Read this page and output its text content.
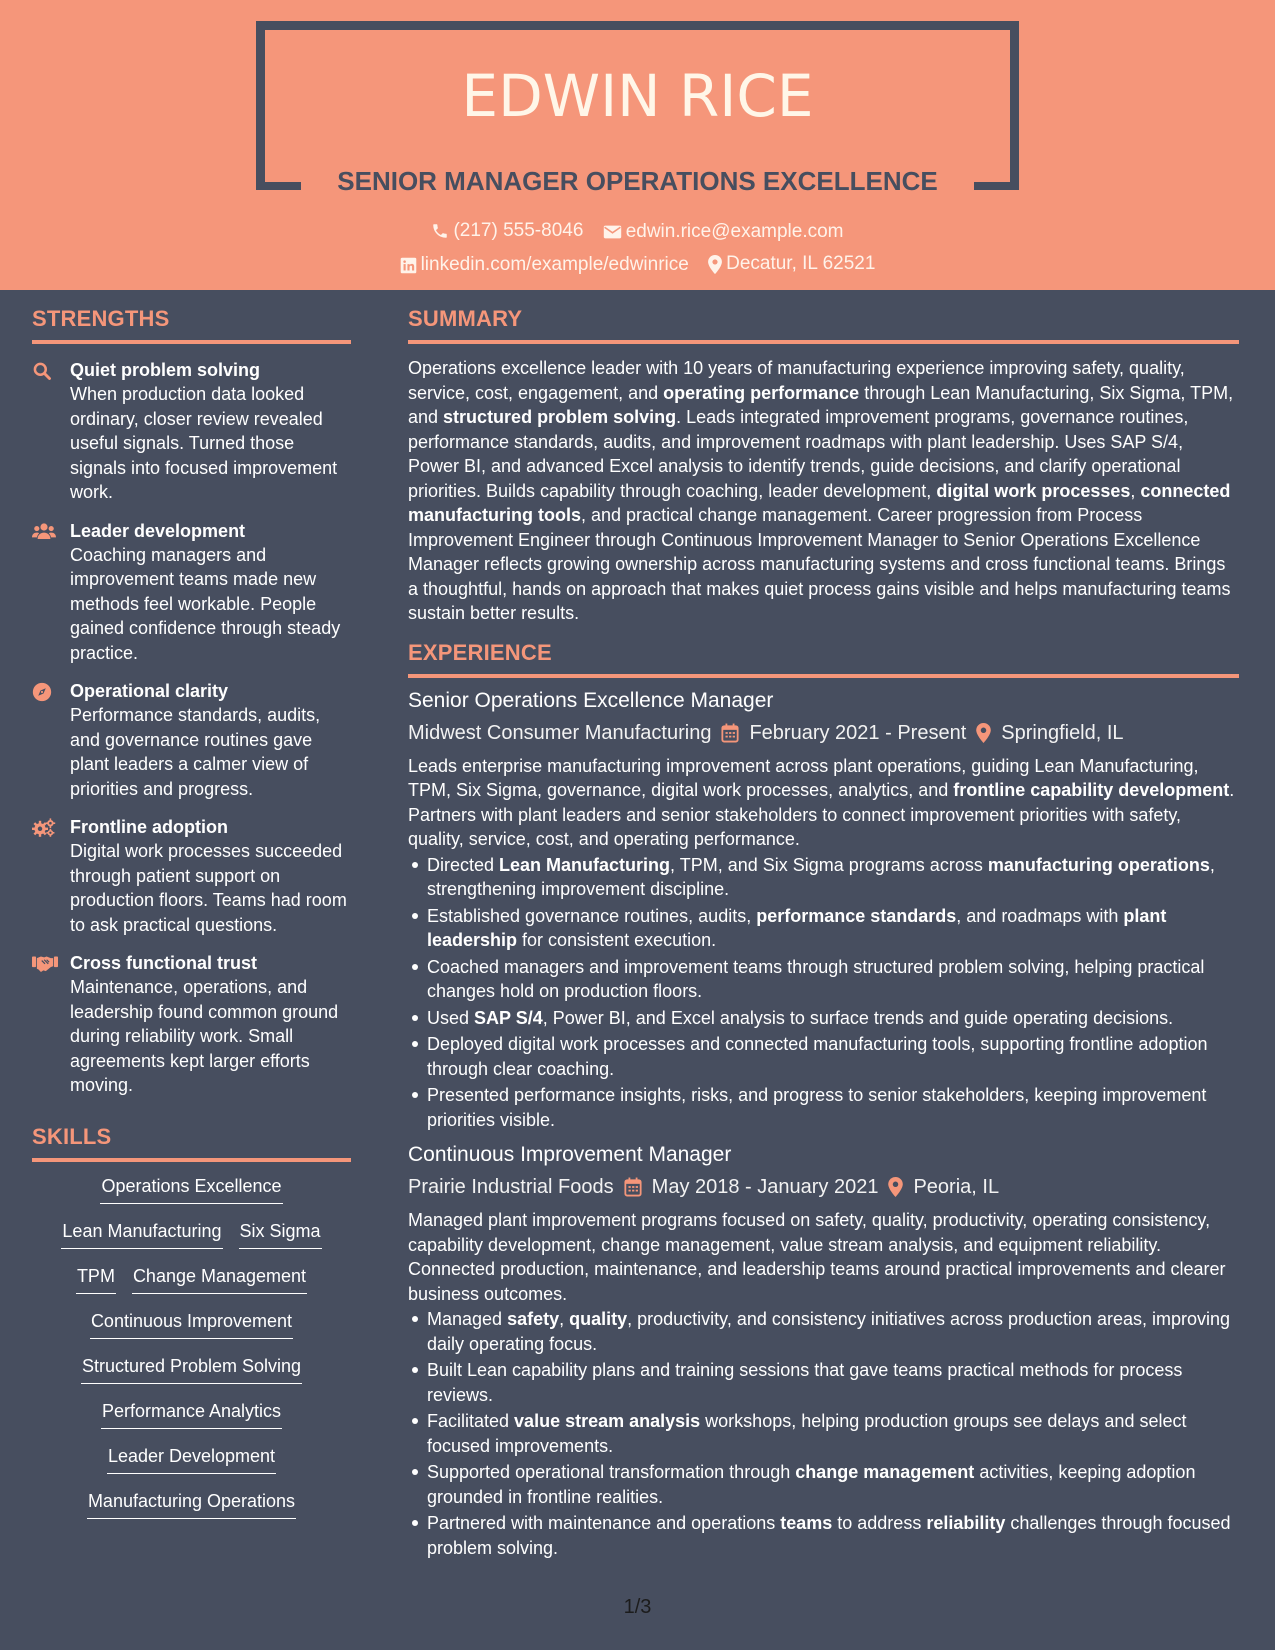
EDWIN RICE
SENIOR MANAGER OPERATIONS EXCELLENCE
(217) 555-8046
edwin.rice@example.com
linkedin.com/example/edwinrice
Decatur, IL 62521
STRENGTHS
Quiet problem solving
When production data looked ordinary, closer review revealed useful signals. Turned those signals into focused improvement work.
Leader development
Coaching managers and improvement teams made new methods feel workable. People gained confidence through steady practice.
Operational clarity
Performance standards, audits, and governance routines gave plant leaders a calmer view of priorities and progress.
Frontline adoption
Digital work processes succeeded through patient support on production floors. Teams had room to ask practical questions.
Cross functional trust
Maintenance, operations, and leadership found common ground during reliability work. Small agreements kept larger efforts moving.
SKILLS
Operations Excellence
Lean Manufacturing Six Sigma
TPM Change Management
Continuous Improvement
Structured Problem Solving
Performance Analytics
Leader Development
Manufacturing Operations
SUMMARY
Operations excellence leader with 10 years of manufacturing experience improving safety, quality, service, cost, engagement, and operating performance through Lean Manufacturing, Six Sigma, TPM, and structured problem solving. Leads integrated improvement programs, governance routines, performance standards, audits, and improvement roadmaps with plant leadership. Uses SAP S/4, Power BI, and advanced Excel analysis to identify trends, guide decisions, and clarify operational priorities. Builds capability through coaching, leader development, digital work processes, connected manufacturing tools, and practical change management. Career progression from Process Improvement Engineer through Continuous Improvement Manager to Senior Operations Excellence Manager reflects growing ownership across manufacturing systems and cross functional teams. Brings a thoughtful, hands on approach that makes quiet process gains visible and helps manufacturing teams sustain better results.
EXPERIENCE
Senior Operations Excellence Manager
Midwest Consumer Manufacturing February 2021 - Present Springfield, IL
Leads enterprise manufacturing improvement across plant operations, guiding Lean Manufacturing, TPM, Six Sigma, governance, digital work processes, analytics, and frontline capability development. Partners with plant leaders and senior stakeholders to connect improvement priorities with safety, quality, service, cost, and operating performance.
Directed Lean Manufacturing, TPM, and Six Sigma programs across manufacturing operations, strengthening improvement discipline.
Established governance routines, audits, performance standards, and roadmaps with plant leadership for consistent execution.
Coached managers and improvement teams through structured problem solving, helping practical changes hold on production floors.
Used SAP S/4, Power BI, and Excel analysis to surface trends and guide operating decisions.
Deployed digital work processes and connected manufacturing tools, supporting frontline adoption through clear coaching.
Presented performance insights, risks, and progress to senior stakeholders, keeping improvement priorities visible.
Continuous Improvement Manager
Prairie Industrial Foods May 2018 - January 2021 Peoria, IL
Managed plant improvement programs focused on safety, quality, productivity, operating consistency, capability development, change management, value stream analysis, and equipment reliability. Connected production, maintenance, and leadership teams around practical improvements and clearer business outcomes.
Managed safety, quality, productivity, and consistency initiatives across production areas, improving daily operating focus.
Built Lean capability plans and training sessions that gave teams practical methods for process reviews.
Facilitated value stream analysis workshops, helping production groups see delays and select focused improvements.
Supported operational transformation through change management activities, keeping adoption grounded in frontline realities.
Partnered with maintenance and operations teams to address reliability challenges through focused problem solving.
1/3
